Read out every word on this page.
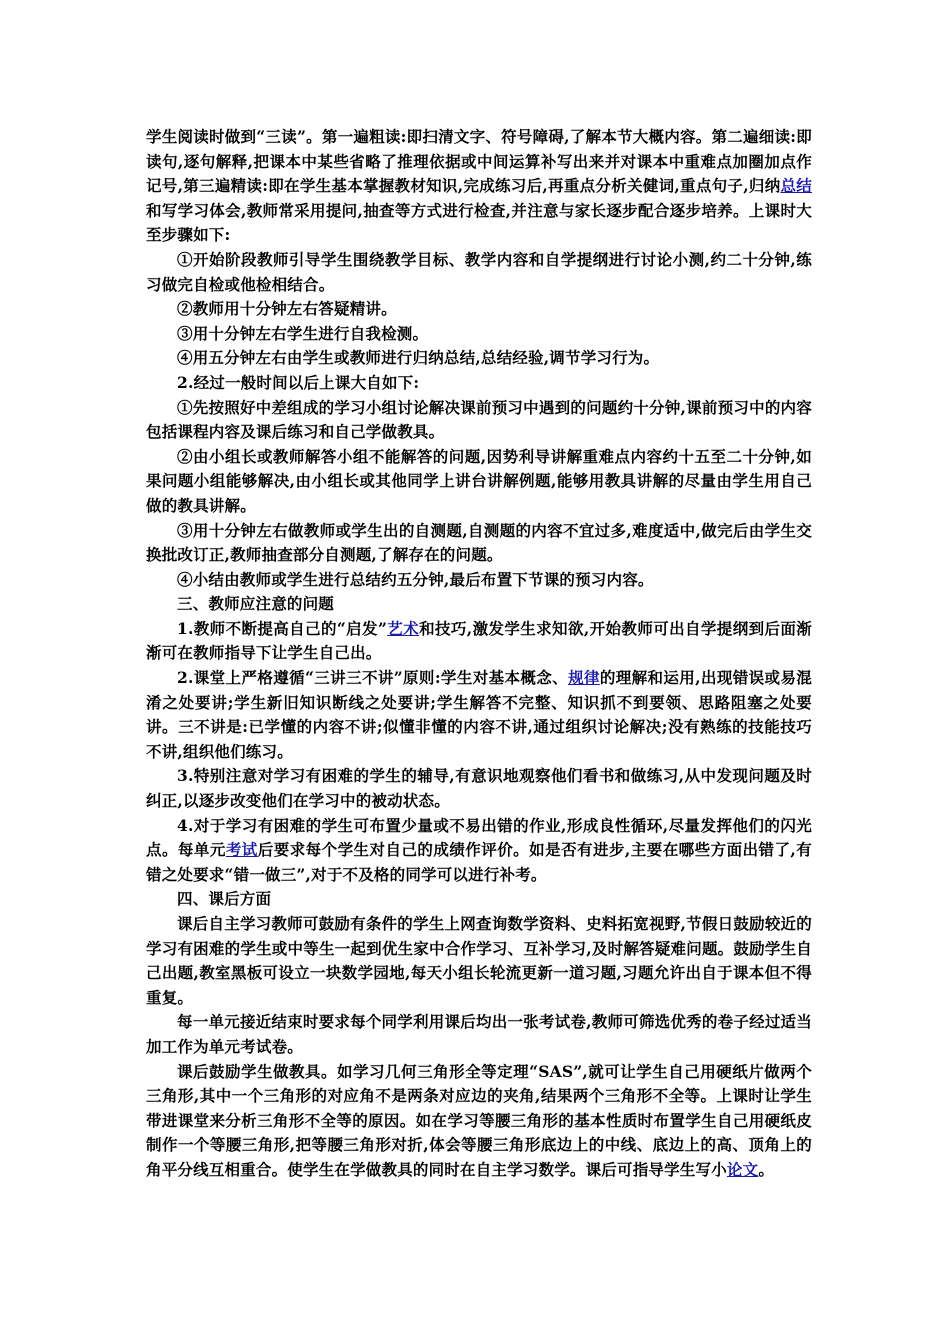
学生阅读时做到“三读”。第一遍粗读:即扫清文字、符号障碍,了解本节大概内容。第二遍细读:即读句,逐句解释,把课本中某些省略了推理依据或中间运算补写出来并对课本中重难点加圈加点作记号,第三遍精读:即在学生基本掌握教材知识,完成练习后,再重点分析关健词,重点句子,归纳总结和写学习体会,教师常采用提问,抽查等方式进行检查,并注意与家长逐步配合逐步培养。上课时大至步骤如下:

①开始阶段教师引导学生围绕教学目标、教学内容和自学提纲进行讨论小测,约二十分钟,练习做完自检或他检相结合。

②教师用十分钟左右答疑精讲。

③用十分钟左右学生进行自我检测。

④用五分钟左右由学生或教师进行归纳总结,总结经验,调节学习行为。

2.经过一般时间以后上课大自如下:

①先按照好中差组成的学习小组讨论解决课前预习中遇到的问题约十分钟,课前预习中的内容包括课程内容及课后练习和自己学做教具。

②由小组长或教师解答小组不能解答的问题,因势利导讲解重难点内容约十五至二十分钟,如果问题小组能够解决,由小组长或其他同学上讲台讲解例题,能够用教具讲解的尽量由学生用自己做的教具讲解。

③用十分钟左右做教师或学生出的自测题,自测题的内容不宜过多,难度适中,做完后由学生交换批改订正,教师抽查部分自测题,了解存在的问题。

④小结由教师或学生进行总结约五分钟,最后布置下节课的预习内容。

三、教师应注意的问题

1.教师不断提高自己的“启发”艺术和技巧,激发学生求知欲,开始教师可出自学提纲到后面渐渐可在教师指导下让学生自己出。

2.课堂上严格遵循“三讲三不讲”原则:学生对基本概念、规律的理解和运用,出现错误或易混淆之处要讲;学生新旧知识断线之处要讲;学生解答不完整、知识抓不到要领、思路阻塞之处要讲。三不讲是:已学懂的内容不讲;似懂非懂的内容不讲,通过组织讨论解决;没有熟练的技能技巧不讲,组织他们练习。

3.特别注意对学习有困难的学生的辅导,有意识地观察他们看书和做练习,从中发现问题及时纠正,以逐步改变他们在学习中的被动状态。

4.对于学习有困难的学生可布置少量或不易出错的作业,形成良性循环,尽量发挥他们的闪光点。每单元考试后要求每个学生对自己的成绩作评价。如是否有进步,主要在哪些方面出错了,有错之处要求“错一做三”,对于不及格的同学可以进行补考。

四、课后方面

课后自主学习教师可鼓励有条件的学生上网查询数学资料、史料拓宽视野,节假日鼓励较近的学习有困难的学生或中等生一起到优生家中合作学习、互补学习,及时解答疑难问题。鼓励学生自己出题,教室黑板可设立一块数学园地,每天小组长轮流更新一道习题,习题允许出自于课本但不得重复。

每一单元接近结束时要求每个同学利用课后均出一张考试卷,教师可筛选优秀的卷子经过适当加工作为单元考试卷。

课后鼓励学生做教具。如学习几何三角形全等定理“SAS”,就可让学生自己用硬纸片做两个三角形,其中一个三角形的对应角不是两条对应边的夹角,结果两个三角形不全等。上课时让学生带进课堂来分析三角形不全等的原因。如在学习等腰三角形的基本性质时布置学生自己用硬纸皮制作一个等腰三角形,把等腰三角形对折,体会等腰三角形底边上的中线、底边上的高、顶角上的角平分线互相重合。使学生在学做教具的同时在自主学习数学。课后可指导学生写小论文。
